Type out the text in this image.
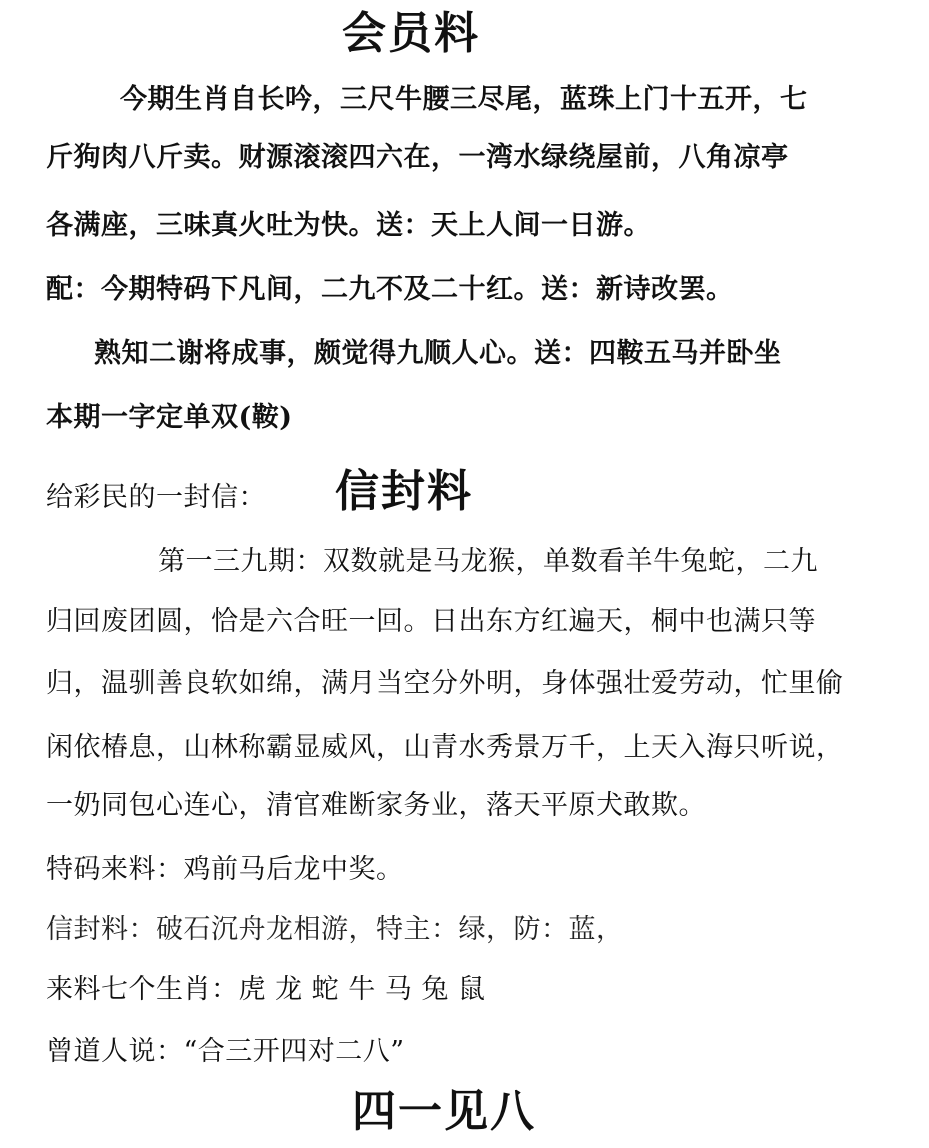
会员料
今期生肖自长吟，三尺牛腰三尽尾，蓝珠上门十五开，七
斤狗肉八斤卖。财源滚滚四六在，一湾水绿绕屋前，八角凉亭
各满座，三味真火吐为快。送：天上人间一日游。
配：今期特码下凡间，二九不及二十红。送：新诗改罢。
熟知二谢将成事，颇觉得九顺人心。送：四鞍五马并卧坐
本期一字定单双(鞍)
给彩民的一封信： 信封料
第一三九期：双数就是马龙猴，单数看羊牛兔蛇，二九
归回废团圆，恰是六合旺一回。日出东方红遍天，桐中也满只等
归，温驯善良软如绵，满月当空分外明，身体强壮爱劳动，忙里偷
闲依椿息，山林称霸显威风，山青水秀景万千，上天入海只听说，
一奶同包心连心，清官难断家务业，落天平原犬敢欺。
特码来料：鸡前马后龙中奖。
信封料：破石沉舟龙相游，特主：绿，防：蓝，
来料七个生肖：虎 龙 蛇 牛 马 兔 鼠
曾道人说：“合三开四对二八”
四一见八
